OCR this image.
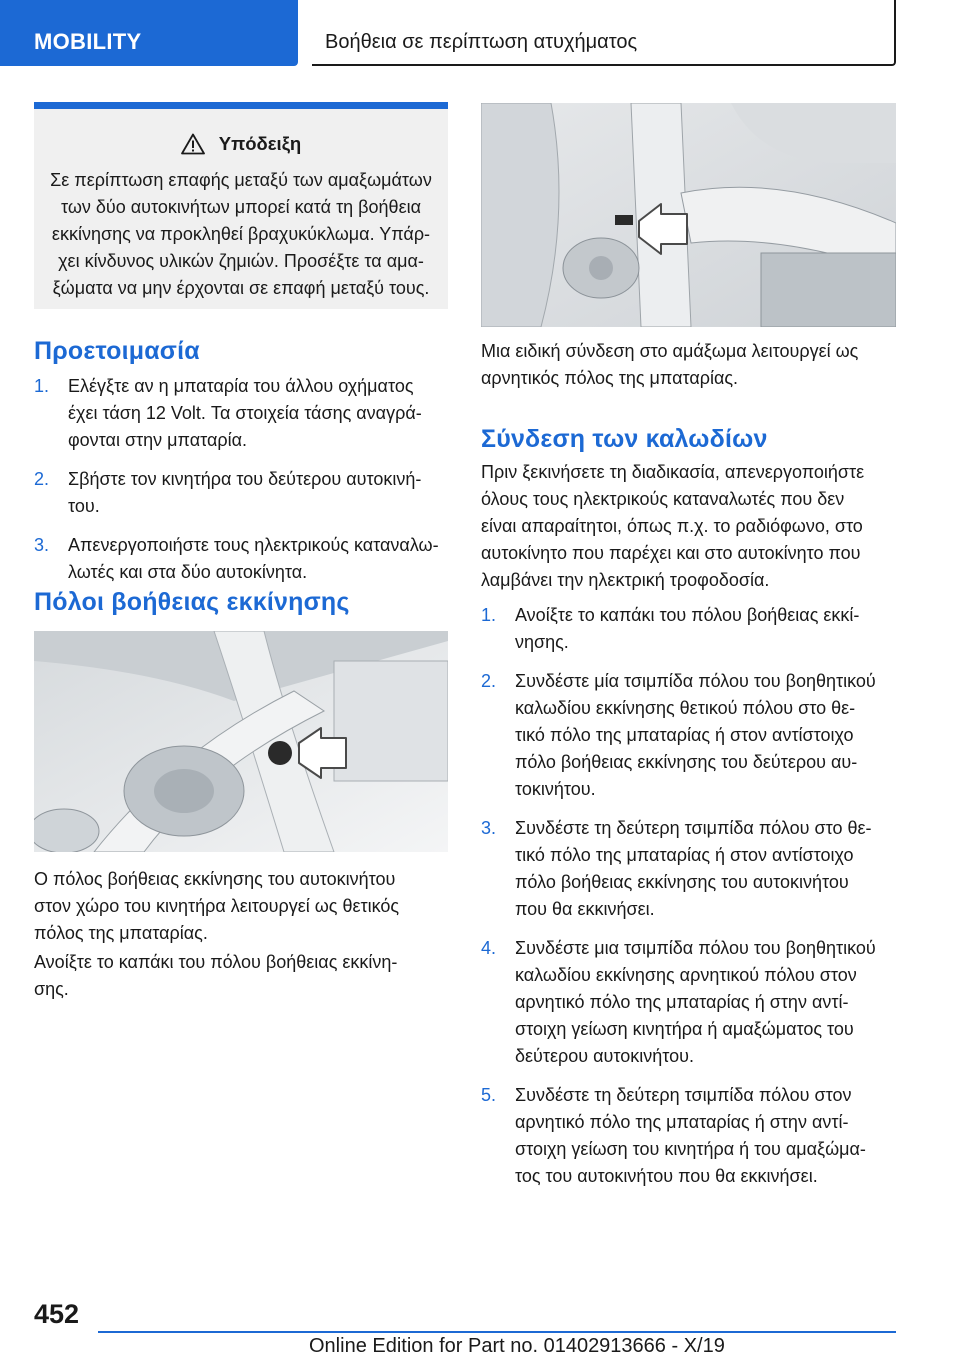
MOBILITY	Βοήθεια σε περίπτωση ατυχήματος
Υπόδειξη
Σε περίπτωση επαφής μεταξύ των αμαξωμάτων
των δύο αυτοκινήτων μπορεί κατά τη βοήθεια
εκκίνησης να προκληθεί βραχυκύκλωμα. Υπάρ-
χει κίνδυνος υλικών ζημιών. Προσέξτε τα αμα-
ξώματα να μην έρχονται σε επαφή μεταξύ τους.
Προετοιμασία
1. Ελέγξτε αν η μπαταρία του άλλου οχήματος
έχει τάση 12 Volt. Τα στοιχεία τάσης αναγρά-
φονται στην μπαταρία.
2. Σβήστε τον κινητήρα του δεύτερου αυτοκινή-
του.
3. Απενεργοποιήστε τους ηλεκτρικούς καταναλω-
λωτές και στα δύο αυτοκίνητα.
Πόλοι βοήθειας εκκίνησης
Ο πόλος βοήθειας εκκίνησης του αυτοκινήτου
στον χώρο του κινητήρα λειτουργεί ως θετικός
πόλος της μπαταρίας.
Ανοίξτε το καπάκι του πόλου βοήθειας εκκίνη-
σης.
Μια ειδική σύνδεση στο αμάξωμα λειτουργεί ως
αρνητικός πόλος της μπαταρίας.
Σύνδεση των καλωδίων
Πριν ξεκινήσετε τη διαδικασία, απενεργοποιήστε
όλους τους ηλεκτρικούς καταναλωτές που δεν
είναι απαραίτητοι, όπως π.χ. το ραδιόφωνο, στο
αυτοκίνητο που παρέχει και στο αυτοκίνητο που
λαμβάνει την ηλεκτρική τροφοδοσία.
1. Ανοίξτε το καπάκι του πόλου βοήθειας εκκί-
νησης.
2. Συνδέστε μία τσιμπίδα πόλου του βοηθητικού
καλωδίου εκκίνησης θετικού πόλου στο θε-
τικό πόλο της μπαταρίας ή στον αντίστοιχο
πόλο βοήθειας εκκίνησης του δεύτερου αυ-
τοκινήτου.
3. Συνδέστε τη δεύτερη τσιμπίδα πόλου στο θε-
τικό πόλο της μπαταρίας ή στον αντίστοιχο
πόλο βοήθειας εκκίνησης του αυτοκινήτου
που θα εκκινήσει.
4. Συνδέστε μια τσιμπίδα πόλου του βοηθητικού
καλωδίου εκκίνησης αρνητικού πόλου στον
αρνητικό πόλο της μπαταρίας ή στην αντί-
στοιχη γείωση κινητήρα ή αμαξώματος του
δεύτερου αυτοκινήτου.
5. Συνδέστε τη δεύτερη τσιμπίδα πόλου στον
αρνητικό πόλο της μπαταρίας ή στην αντί-
στοιχη γείωση του κινητήρα ή του αμαξώμα-
τος του αυτοκινήτου που θα εκκινήσει.
452
Online Edition for Part no. 01402913666 - X/19
